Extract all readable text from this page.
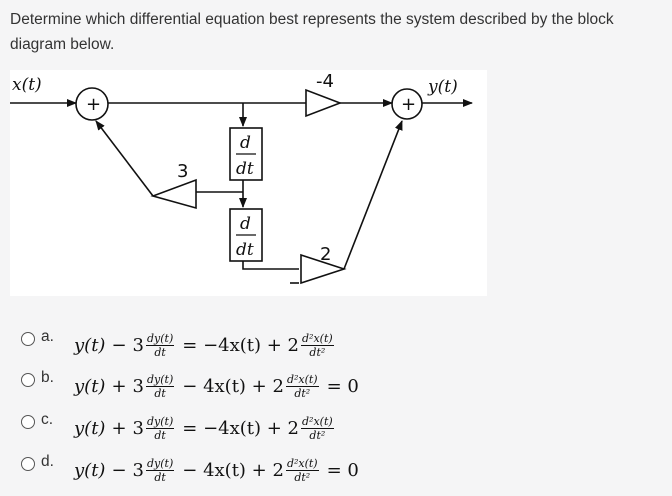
Determine which differential equation best represents the system described by the block diagram below.
x(t)	y(t)
+	+
-4
3
2
d
dt
d
dt
a. $y(t) - 3 \frac{dy(t)}{dt} = -4x(t) + 2 \frac{\text{d²x(t)}}{\text{dt²}}$
b. $y(t) + 3 \frac{dy(t)}{dt} - 4x(t) + 2 \frac{\text{d²x(t)}}{\text{dt²}} = 0$
c. $y(t) + 3 \frac{dy(t)}{dt} = -4x(t) + 2 \frac{\text{d²x(t)}}{\text{dt²}}$
d. $y(t) - 3 \frac{dy(t)}{dt} - 4x(t) + 2 \frac{\text{d²x(t)}}{\text{dt²}} = 0$
